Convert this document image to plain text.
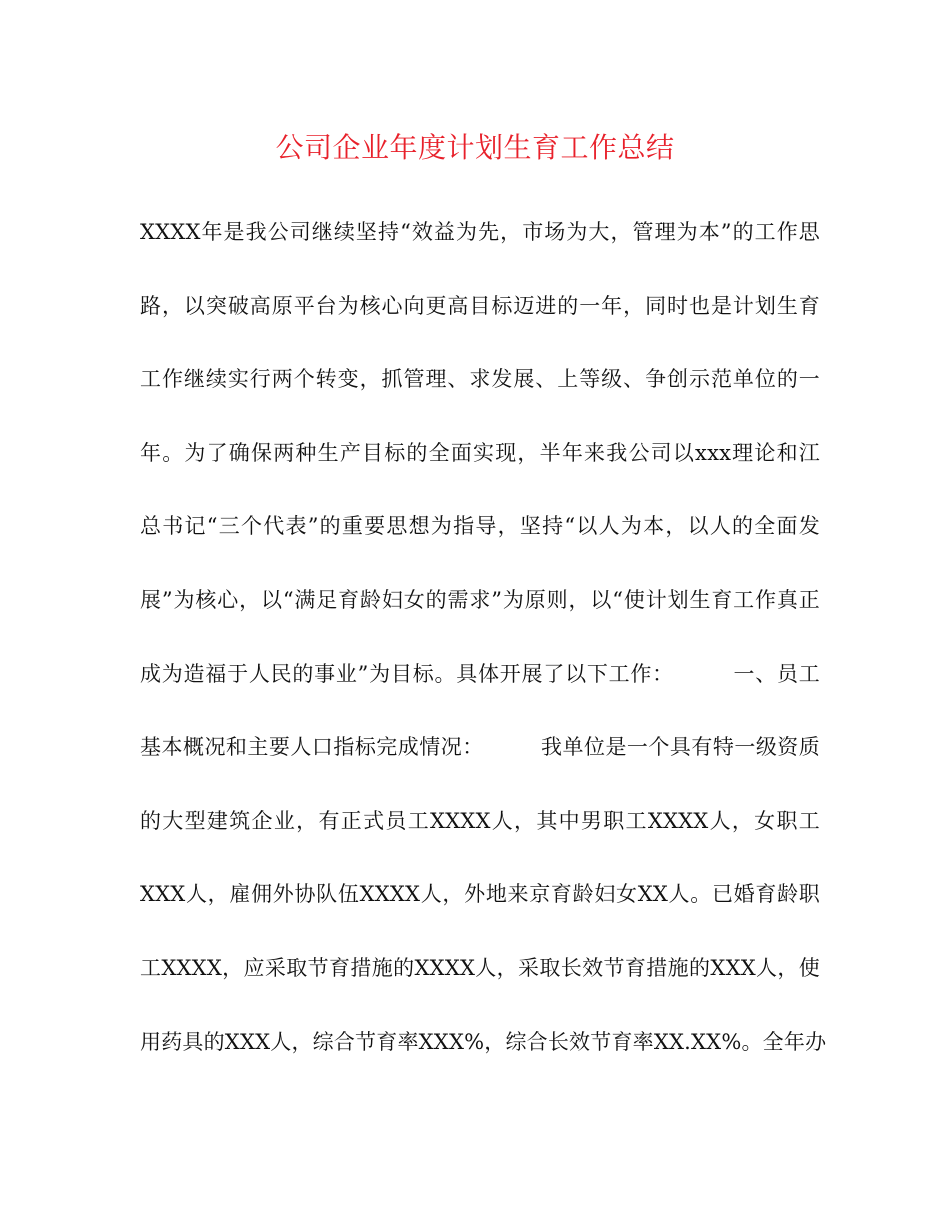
公司企业年度计划生育工作总结
XXXX年是我公司继续坚持“效益为先，市场为大，管理为本”的工作思
路，以突破高原平台为核心向更高目标迈进的一年，同时也是计划生育
工作继续实行两个转变，抓管理、求发展、上等级、争创示范单位的一
年。为了确保两种生产目标的全面实现，半年来我公司以xxx理论和江
总书记“三个代表”的重要思想为指导，坚持“以人为本，以人的全面发
展”为核心，以“满足育龄妇女的需求”为原则，以“使计划生育工作真正
成为造福于人民的事业”为目标。具体开展了以下工作：        一、员工
基本概况和主要人口指标完成情况：        我单位是一个具有特一级资质
的大型建筑企业，有正式员工XXXX人，其中男职工XXXX人，女职工
XXX人，雇佣外协队伍XXXX人，外地来京育龄妇女XX人。已婚育龄职
工XXXX，应采取节育措施的XXXX人，采取长效节育措施的XXX人，使
用药具的XXX人，综合节育率XXX%，综合长效节育率XX.XX%。全年办
